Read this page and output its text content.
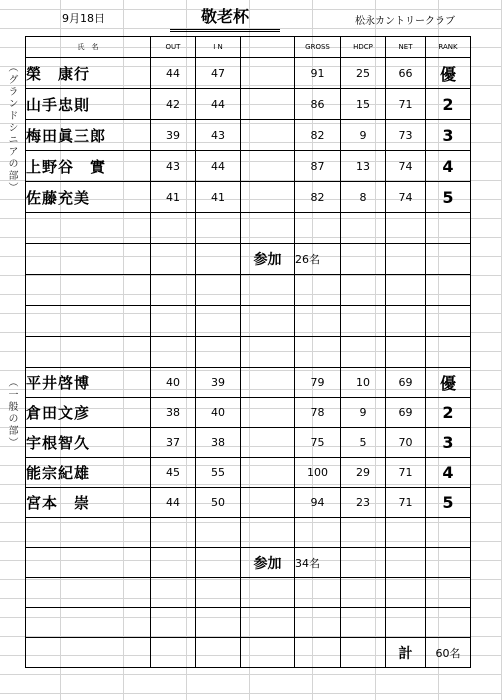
9月18日	敬老杯	松永カントリークラブ
（グランドシニアの部）
（一般の部）
氏　名	OUT	I N		GROSS	HDCP	NET	RANK
榮　康行	44	47		91	25	66	優
山手忠則	42	44		86	15	71	2
梅田眞三郎	39	43		82	9	73	3
上野谷　實	43	44		87	13	74	4
佐藤充美	41	41		82	8	74	5

			参加	26名			

平井啓博	40	39		79	10	69	優
倉田文彦	38	40		78	9	69	2
宇根智久	37	38		75	5	70	3
能宗紀雄	45	55		100	29	71	4
宮本　崇	44	50		94	23	71	5

			参加	34名			

						計	60名
